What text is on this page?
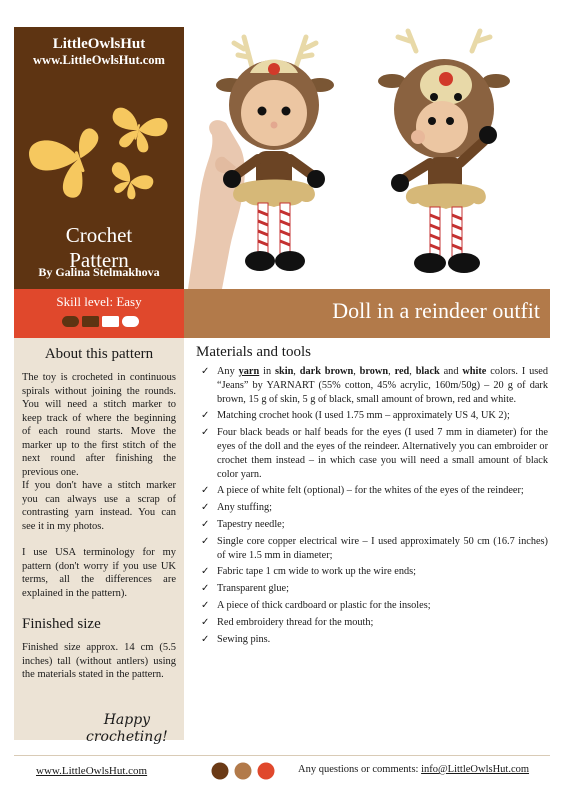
LittleOwlsHut
www.LittleOwlsHut.com
Crochet
Pattern
By Galina Stelmakhova
Skill level: Easy	Doll in a reindeer outfit
About this pattern

The toy is crocheted in continuous spirals without joining the rounds. You will need a stitch marker to keep track of where the beginning of each round starts. Move the marker up to the first stitch of the next round after finishing the previous one.

If you don't have a stitch marker you can always use a scrap of contrasting yarn instead. You can see it in my photos.

I use USA terminology for my pattern (don't worry if you use UK terms, all the differences are explained in the pattern).

Finished size

Finished size approx. 14 cm (5.5 inches) tall (without antlers) using the materials stated in the pattern.

Happy
crocheting!
Materials and tools
✓ Any yarn in skin, dark brown, brown, red, black and white colors. I used “Jeans” by YARNART (55% cotton, 45% acrylic, 160m/50g) – 20 g of dark brown, 15 g of skin, 5 g of black, small amount of brown, red and white.
✓ Matching crochet hook (I used 1.75 mm – approximately US 4, UK 2);
✓ Four black beads or half beads for the eyes (I used 7 mm in diameter) for the eyes of the doll and the eyes of the reindeer. Alternatively you can embroider or crochet them instead – in which case you will need a small amount of black color yarn.
✓ A piece of white felt (optional) – for the whites of the eyes of the reindeer;
✓ Any stuffing;
✓ Tapestry needle;
✓ Single core copper electrical wire – I used approximately 50 cm (16.7 inches) of wire 1.5 mm in diameter;
✓ Fabric tape 1 cm wide to work up the wire ends;
✓ Transparent glue;
✓ A piece of thick cardboard or plastic for the insoles;
✓ Red embroidery thread for the mouth;
✓ Sewing pins.
www.LittleOwlsHut.com	Any questions or comments: info@LittleOwlsHut.com
